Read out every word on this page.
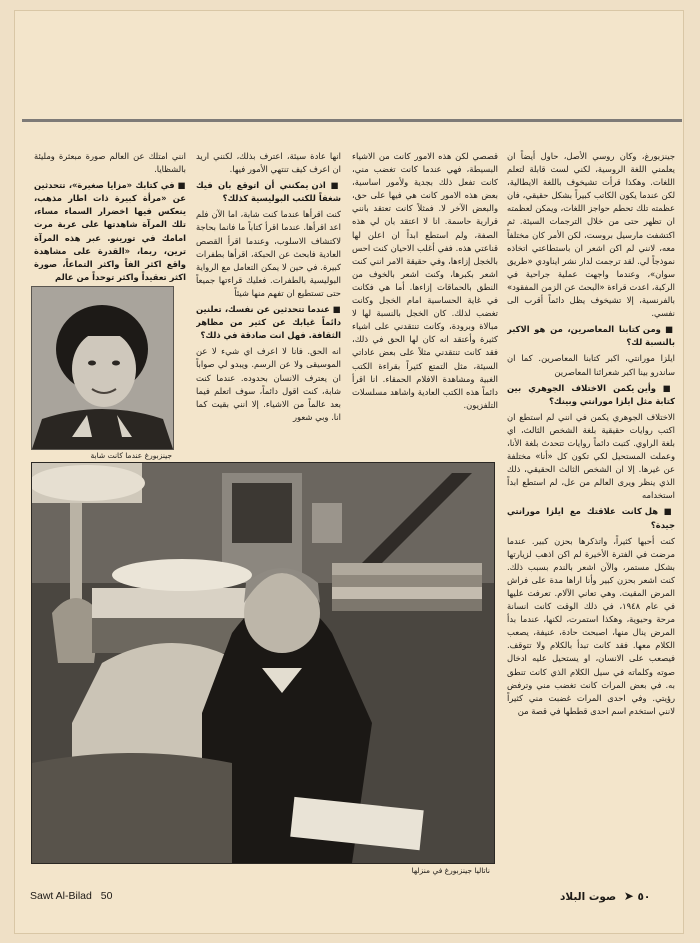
جينزبورغ، وكان روسي الأصل، حاول أيضاً ان يعلمني اللغة الروسية، لكني لست قابلة لتعلم اللغات. وهكذا قرأت تشيخوف باللغة الايطالية، لكن عندما يكون الكاتب كبيراً بشكل حقيقي، فان عظمته تلك تحطم حواجز اللغات، ويمكن لعظمته ان تظهر حتى من خلال الترجمات السيئة. ثم اكتشفت مارسيل بروست، لكن الأمر كان مختلفاً معه، لانني لم اكن اشعر ان باستطاعتي اتخاذه نموذجاً لي. لقد ترجمت لدار نشر ايناودي «طريق سوان»، وعندما واجهت عملية جراحية في الركبة، اعدت قراءة «البحث عن الزمن المفقود» بالفرنسية، إلا تشيخوف يظل دائماً أقرب الى نفسي.

■ ومن كتابنا المعاصرين، من هو الاكبر بالنسبة لك؟

ايلزا مورانتي، اكبر كتابنا المعاصرين. كما ان ساندرو بينا اكبر شعرائنا المعاصرين

■ وأين يكمن الاختلاف الجوهري بين كتابة مثل ايلزا مورانتي وبينك؟

الاختلاف الجوهري يكمن في انني لم استطع ان اكتب روايات حقيقية بلغة الشخص الثالث، اي بلغة الراوي. كتبت دائماً روايات تتحدث بلغة الأنا، وعملت المستحيل لكي تكون كل «أنا» مختلفة عن غيرها. إلا ان الشخص الثالث الحقيقي، ذلك الذي ينظر ويرى العالم من عل، لم استطع ابداً استخدامه

■ هل كانت علاقتك مع ايلزا مورانتي جيدة؟

كنت أحبها كثيراً، واتذكرها بحزن كبير. عندما مرضت في الفترة الأخيرة لم اكن اذهب لزيارتها بشكل مستمر، والآن اشعر بالندم بسبب ذلك. كنت اشعر بحزن كبير وأنا اراها مدة على فراش المرض المقيت. وهي تعاني الآلام. تعرفت عليها في عام ١٩٤٨، في ذلك الوقت كانت انسانة مرحة وحيوية، وهكذا استمرت، لكنها، عندما بدأ المرض ينال منها، اصبحت حادة، عنيفة، يصعب الكلام معها. فقد كانت تبدأ بالكلام ولا تتوقف. فيصعب على الانسان، او يستحيل عليه ادخال صوته وكلماته في سيل الكلام الذي كانت تنطق به. في بعض المرات كانت تغضب مني وترفض رؤيتي. وفي احدى المرات غضبت مني كثيراً لانني استخدم اسم احدى قططها في قصة من

قصصي لكن هذه الامور كانت من الاشياء البسيطة، فهي عندما كانت تغضب مني، كانت تفعل ذلك بجدية ولأمور اساسية، بعض هذه الامور كانت هي فيها على حق، والبعض الآخر لا. فمثلاً كانت تعتقد بانني قرارية حاسمة. انا لا اعتقد بان لي هذه الصفة، ولم استطع ابداً ان اعلن لها قناعتي هذه. ففي أغلب الاحيان كنت احس بالخجل إزاءها، وفي حقيقة الامر انني كنت اشعر بكبرها، وكنت اشعر بالخوف من النطق بالحماقات إزاءها. أما هي فكانت في غاية الحساسية امام الخجل وكانت تغضب لذلك. كان الخجل بالنسبة لها لا مبالاة وبرودة، وكانت تنتقدني على اشياء كثيرة وأعتقد انه كان لها الحق في ذلك، فقد كانت تنتقدني مثلاً على بعض عاداتي السيئة، مثل التمتع كثيراً بقراءة الكتب الغبية ومشاهدة الافلام الحمقاء. انا اقرأ دائماً هذه الكتب العادية واشاهد مسلسلات التلفزيون.

انها عادة سيئة، اعترف بذلك، لكنني اريد ان اعرف كيف تنتهي الأمور فيها.

■ اذن يمكنني أن اتوقع بان فيك شغفاً للكتب البوليسية كذلك؟

كنت اقرأها عندما كنت شابة، اما الآن فلم اعد اقرأها. عندما اقرأ كتاباً ما فانما بحاجة لاكتشاف الاسلوب، وعندما اقرأ القصص العادية فابحث عن الحبكة، اقرأها بطفرات كبيرة. في حين لا يمكن التعامل مع الرواية البوليسية بالطفرات. فعليك قراءتها جميعاً حتى تستطيع ان تفهم منها شيئاً

■ عندما تتحدثين عن نفسك، تعلنين دائماً غيابك عن كثير من مظاهر الثقافة. فهل انت صادقة في ذلك؟

انه الحق. فانا لا اعرف اي شيء لا عن الموسيقى ولا عن الرسم. ويبدو لي صواباً ان يعترف الانسان بحدوده. عندما كنت شابة، كنت اقول دائماً، سوف اتعلم فيما بعد عالماً من الاشياء. إلا انني بقيت كما انا. وبي شعور

انني امتلك عن العالم صورة مبعثرة ومليئة بالشظايا.

■ في كتابك «مزايا صغيرة»، تتحدثين عن «مرأة كبيرة ذات اطار مذهب، ينعكس فيها اخضرار السماء مساء، تلك المرآة شاهدتها على عربة مرت امامك في تورينو. عبر هذه المرآة ترين، ربما، «القدرة على مشاهدة واقع اكثر الفاً واكثر التماعاً، صورة اكثر تعقيداً واكثر توحداً من عالم

جينزبورغ عندما كانت شابة
ناتاليا جينزبورغ في منزلها
Sawt Al-Bilad 50	٥٠ ➤ صوت البلاد
